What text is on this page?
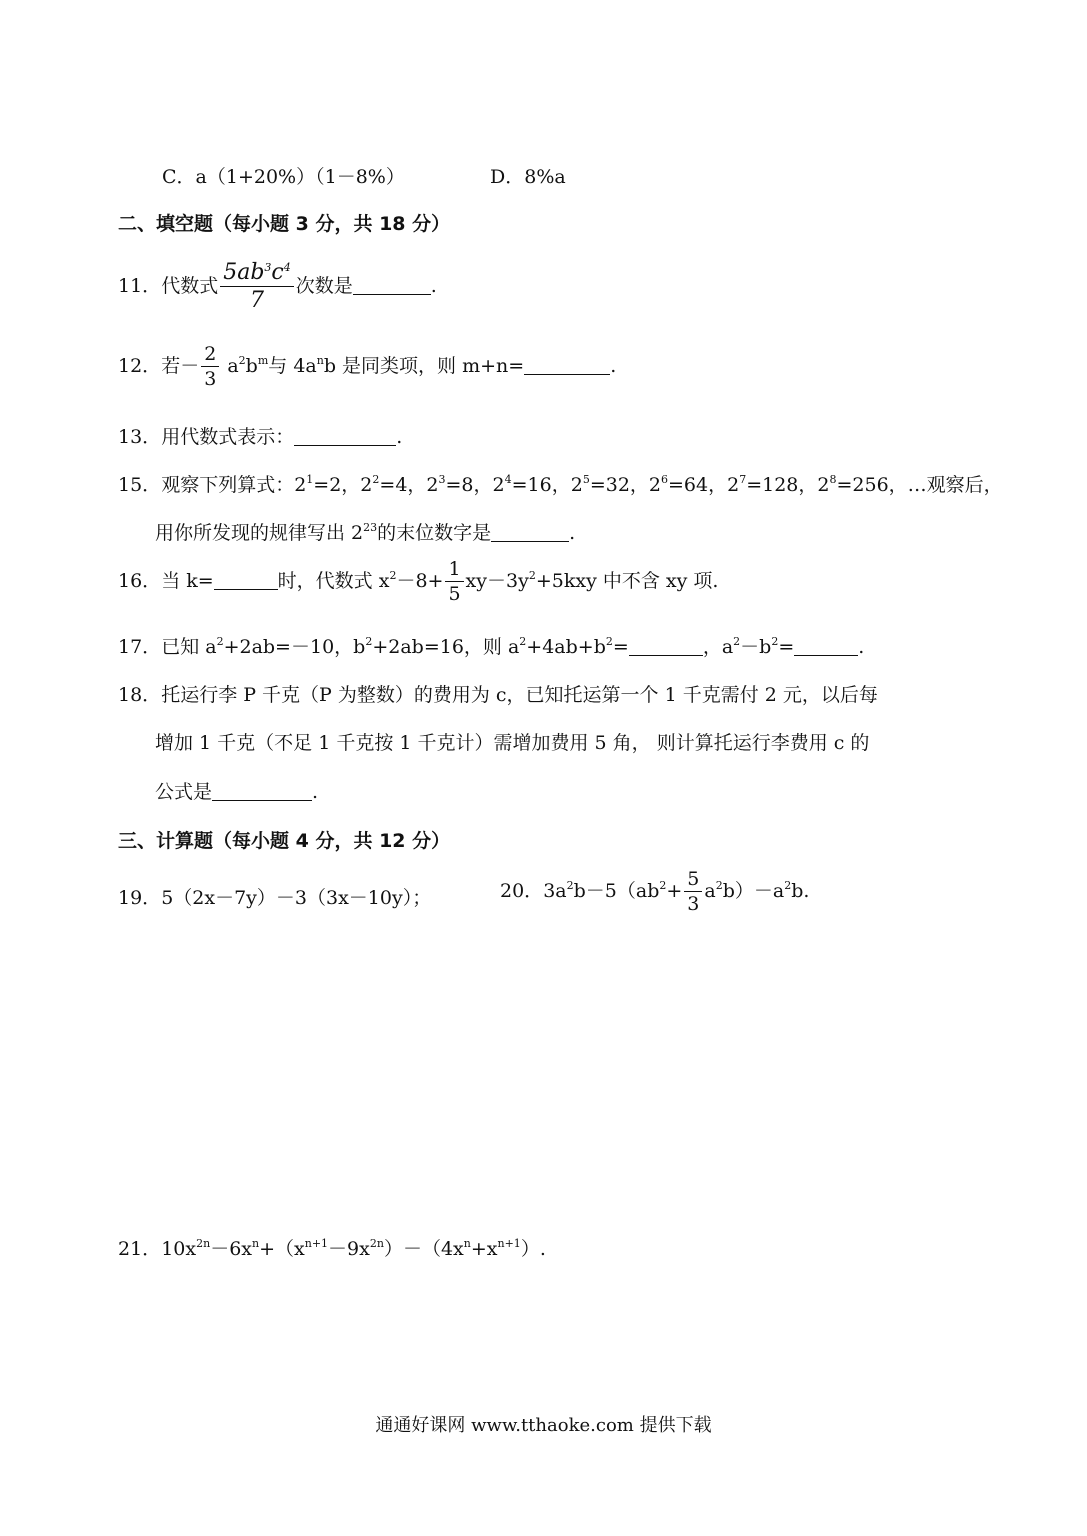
C．a（1+20%）（1－8%）	D．8%a
二、填空题（每小题 3 分，共 18 分）
11．代数式 $\frac{5ab^3c^4}{7}$ 次数是	.
12．若－ $\frac{2}{3} a^2b^m$与 $4a^nb$ 是同类项，则 m+n=	.
13．用代数式表示：	.
15．观察下列算式：$2^1=2$，$2^2=4$，$2^3=8$，$2^4=16$，$2^5=32$，$2^6=64$，$2^7=128$，$2^8=256$，…观察后，
用你所发现的规律写出 $2^{23}$的末位数字是	.
16．当 k=	时，代数式 $x^2-8+ \frac{1}{5} xy-3y^2+5kxy$ 中不含 xy 项.
17．已知 $a^2+2ab=-10$，$b^2+2ab=16$，则 $a^2+4ab+b^2=$	，$a^2-b^2=$	.
18．托运行李 P 千克（P 为整数）的费用为 c，已知托运第一个 1 千克需付 2 元，以后每
增加 1 千克（不足 1 千克按 1 千克计）需增加费用 5 角， 则计算托运行李费用 c 的
公式是	.
三、计算题（每小题 4 分，共 12 分）
19．5（2x－7y）－3（3x－10y）；	20．$3a^2b-5(ab^2+ \frac{5}{3} a^2b)-a^2b$.
21．$10x^{2n}-6x^n+(x^{n+1}-9x^{2n})-(4x^n+x^{n+1})$.
通通好课网 www.tthaoke.com 提供下载
